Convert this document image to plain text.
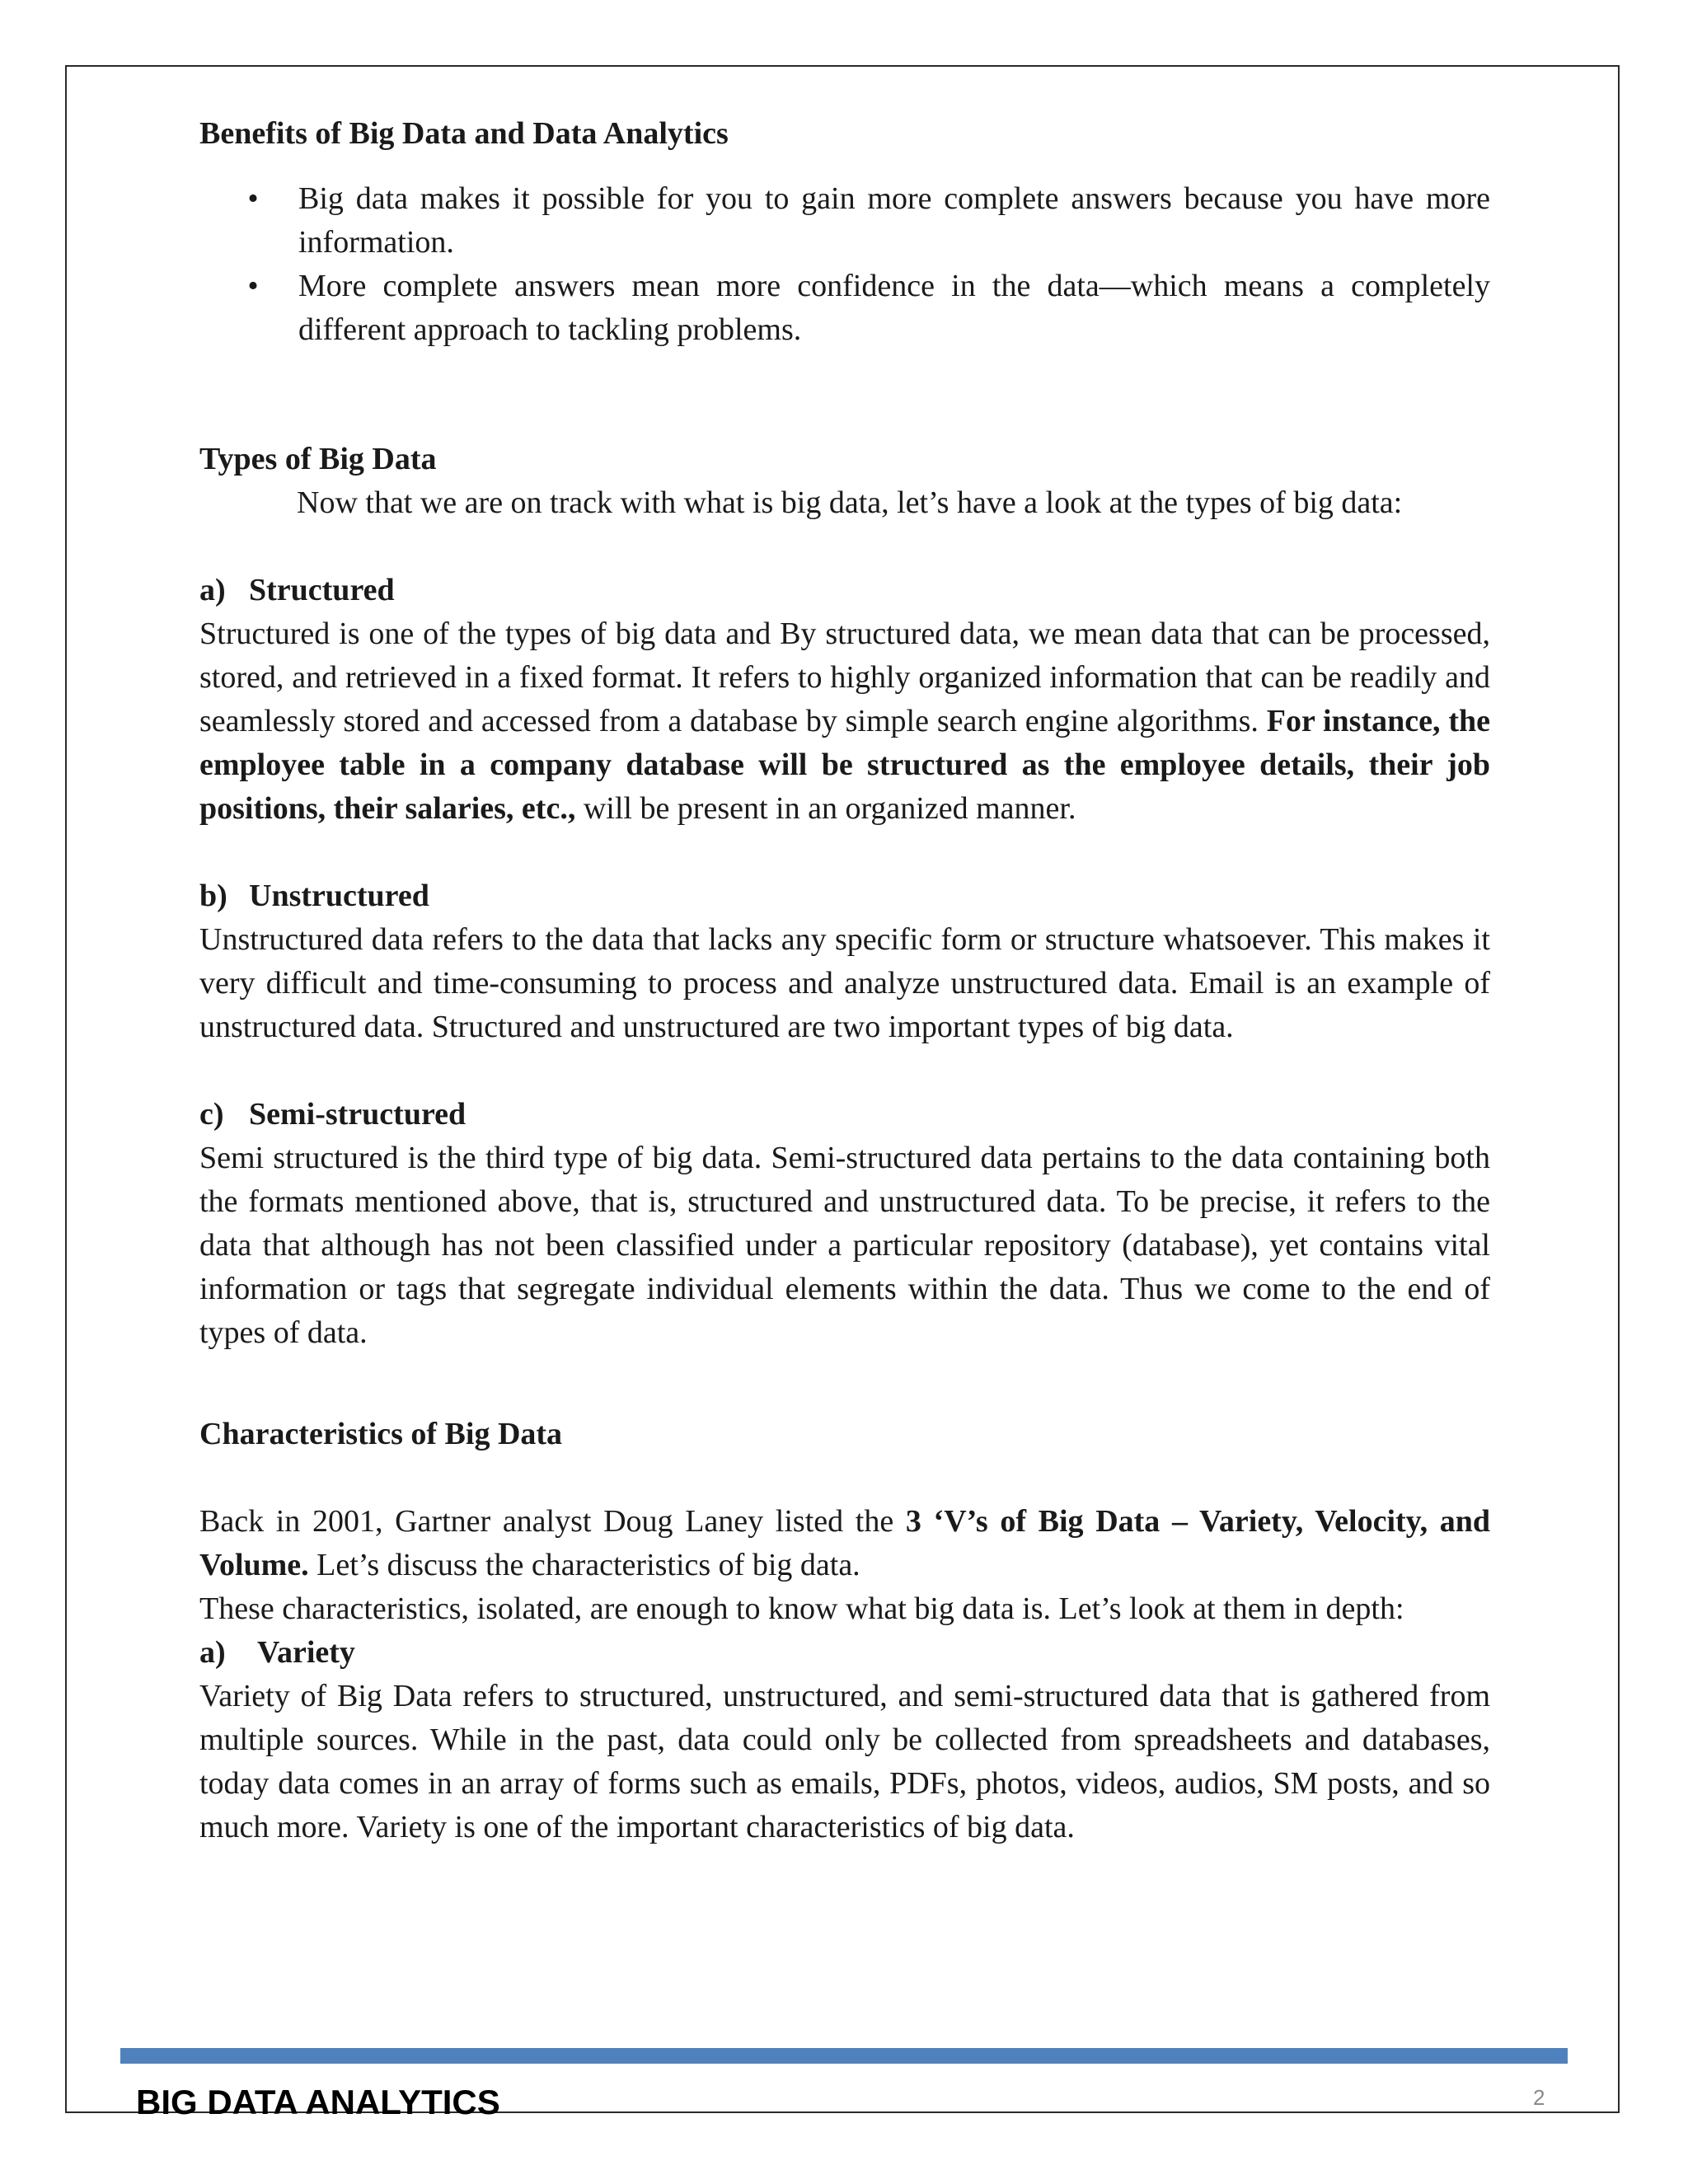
Benefits of Big Data and Data Analytics

• Big data makes it possible for you to gain more complete answers because you have more information.
• More complete answers mean more confidence in the data—which means a completely different approach to tackling problems.

Types of Big Data

Now that we are on track with what is big data, let’s have a look at the types of big data:

a) Structured

Structured is one of the types of big data and By structured data, we mean data that can be processed, stored, and retrieved in a fixed format. It refers to highly organized information that can be readily and seamlessly stored and accessed from a database by simple search engine algorithms. For instance, the employee table in a company database will be structured as the employee details, their job positions, their salaries, etc., will be present in an organized manner.

b) Unstructured

Unstructured data refers to the data that lacks any specific form or structure whatsoever. This makes it very difficult and time-consuming to process and analyze unstructured data. Email is an example of unstructured data. Structured and unstructured are two important types of big data.

c) Semi-structured

Semi structured is the third type of big data. Semi-structured data pertains to the data containing both the formats mentioned above, that is, structured and unstructured data. To be precise, it refers to the data that although has not been classified under a particular repository (database), yet contains vital information or tags that segregate individual elements within the data. Thus we come to the end of types of data.

Characteristics of Big Data

Back in 2001, Gartner analyst Doug Laney listed the 3 ‘V’s of Big Data – Variety, Velocity, and Volume. Let’s discuss the characteristics of big data.

These characteristics, isolated, are enough to know what big data is. Let’s look at them in depth:

a) Variety

Variety of Big Data refers to structured, unstructured, and semi-structured data that is gathered from multiple sources. While in the past, data could only be collected from spreadsheets and databases, today data comes in an array of forms such as emails, PDFs, photos, videos, audios, SM posts, and so much more. Variety is one of the important characteristics of big data.

BIG DATA ANALYTICS	2
